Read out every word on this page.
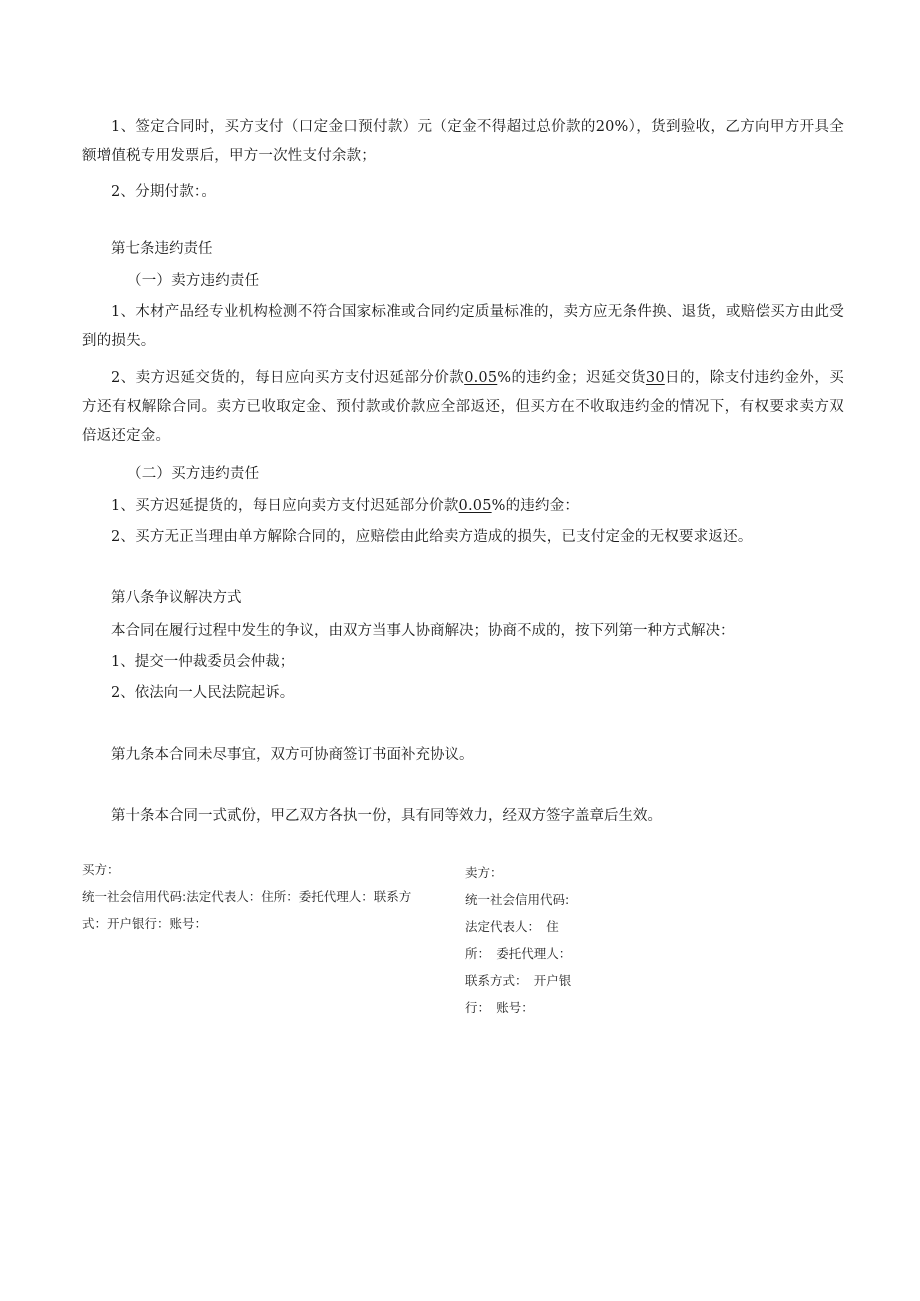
1、签定合同时，买方支付（口定金口预付款）元（定金不得超过总价款的20%），货到验收，乙方向甲方开具全额增值税专用发票后，甲方一次性支付余款；

2、分期付款：。

第七条违约责任

（一）卖方违约责任

1、木材产品经专业机构检测不符合国家标准或合同约定质量标准的，卖方应无条件换、退货，或赔偿买方由此受到的损失。

2、卖方迟延交货的，每日应向买方支付迟延部分价款0.05%的违约金；迟延交货30日的，除支付违约金外，买方还有权解除合同。卖方已收取定金、预付款或价款应全部返还，但买方在不收取违约金的情况下，有权要求卖方双倍返还定金。

（二）买方违约责任

1、买方迟延提货的，每日应向卖方支付迟延部分价款0.05%的违约金：

2、买方无正当理由单方解除合同的，应赔偿由此给卖方造成的损失，已支付定金的无权要求返还。

第八条争议解决方式

本合同在履行过程中发生的争议，由双方当事人协商解决；协商不成的，按下列第一种方式解决：

1、提交一仲裁委员会仲裁；

2、依法向一人民法院起诉。

第九条本合同未尽事宜，双方可协商签订书面补充协议。

第十条本合同一式贰份，甲乙双方各执一份，具有同等效力，经双方签字盖章后生效。

买方：

统一社会信用代码:法定代表人：住所：委托代理人：联系方

式：开户银行：账号：

卖方：

统一社会信用代码:

法定代表人：　住

所：　委托代理人：

联系方式：　开户银

行：　账号：
